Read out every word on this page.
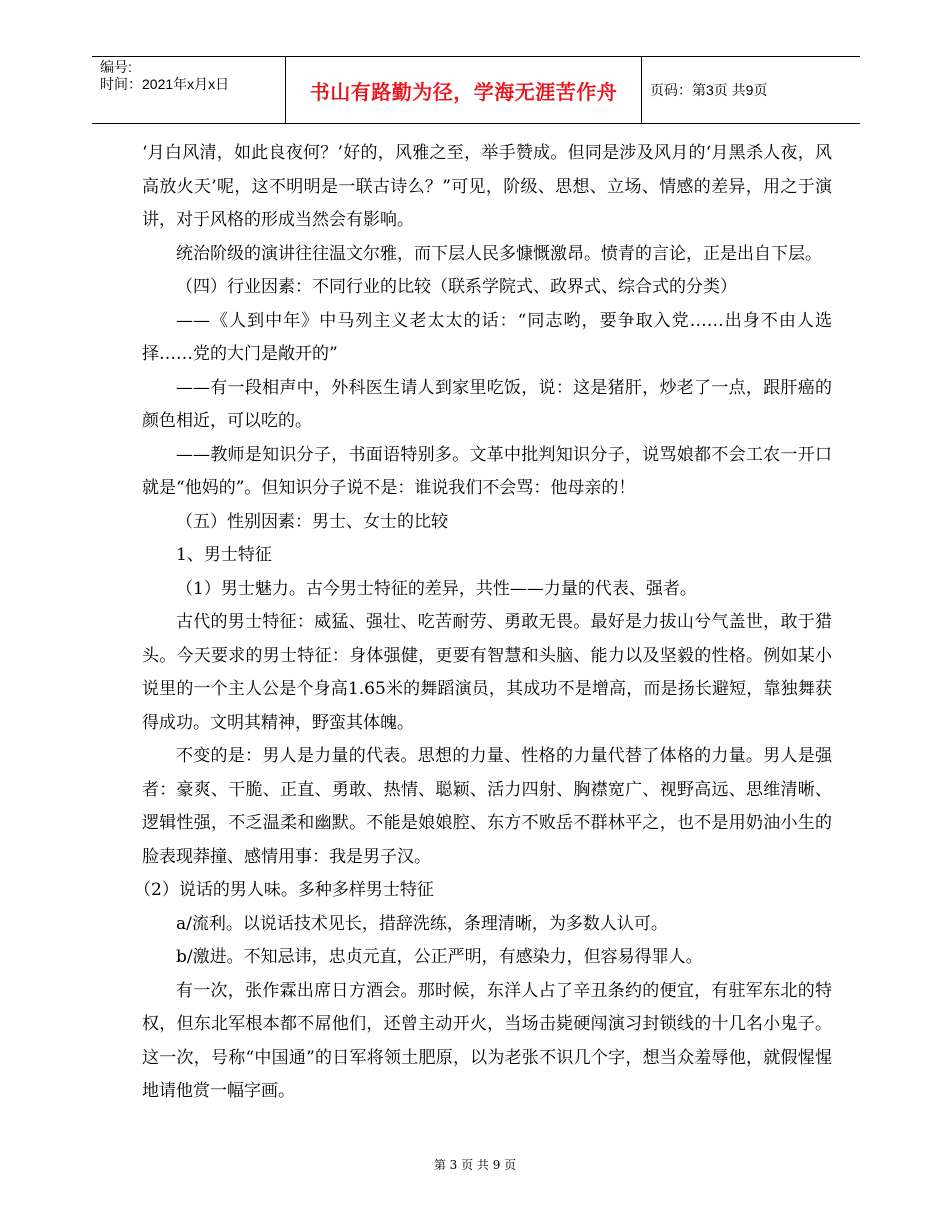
编号:
时间：2021年x月x日	书山有路勤为径，学海无涯苦作舟 页码：第3页 共9页

‘月白风清，如此良夜何？’好的，风雅之至，举手赞成。但同是涉及风月的‘月黑杀人夜，风高放火天’呢，这不明明是一联古诗么？”可见，阶级、思想、立场、情感的差异，用之于演讲，对于风格的形成当然会有影响。

统治阶级的演讲往往温文尔雅，而下层人民多慷慨激昂。愤青的言论，正是出自下层。

（四）行业因素：不同行业的比较（联系学院式、政界式、综合式的分类）

——《人到中年》中马列主义老太太的话：“同志哟，要争取入党……出身不由人选择……党的大门是敞开的”

——有一段相声中，外科医生请人到家里吃饭，说：这是猪肝，炒老了一点，跟肝癌的颜色相近，可以吃的。

——教师是知识分子，书面语特别多。文革中批判知识分子，说骂娘都不会工农一开口就是“他妈的”。但知识分子说不是：谁说我们不会骂：他母亲的！

（五）性别因素：男士、女士的比较

1、男士特征

（1）男士魅力。古今男士特征的差异，共性——力量的代表、强者。

古代的男士特征：威猛、强壮、吃苦耐劳、勇敢无畏。最好是力拔山兮气盖世，敢于猎头。今天要求的男士特征：身体强健，更要有智慧和头脑、能力以及坚毅的性格。例如某小说里的一个主人公是个身高1.65米的舞蹈演员，其成功不是增高，而是扬长避短，靠独舞获得成功。文明其精神，野蛮其体魄。

不变的是：男人是力量的代表。思想的力量、性格的力量代替了体格的力量。男人是强者：豪爽、干脆、正直、勇敢、热情、聪颖、活力四射、胸襟宽广、视野高远、思维清晰、逻辑性强，不乏温柔和幽默。不能是娘娘腔、东方不败岳不群林平之，也不是用奶油小生的脸表现莽撞、感情用事：我是男子汉。

（2）说话的男人味。多种多样男士特征

a/流利。以说话技术见长，措辞洗练，条理清晰，为多数人认可。

b/激进。不知忌讳，忠贞元直，公正严明，有感染力，但容易得罪人。

有一次，张作霖出席日方酒会。那时候，东洋人占了辛丑条约的便宜，有驻军东北的特权，但东北军根本都不屌他们，还曾主动开火，当场击毙硬闯演习封锁线的十几名小鬼子。这一次，号称“中国通”的日军将领土肥原，以为老张不识几个字，想当众羞辱他，就假惺惺地请他赏一幅字画。

第 3 页 共 9 页
